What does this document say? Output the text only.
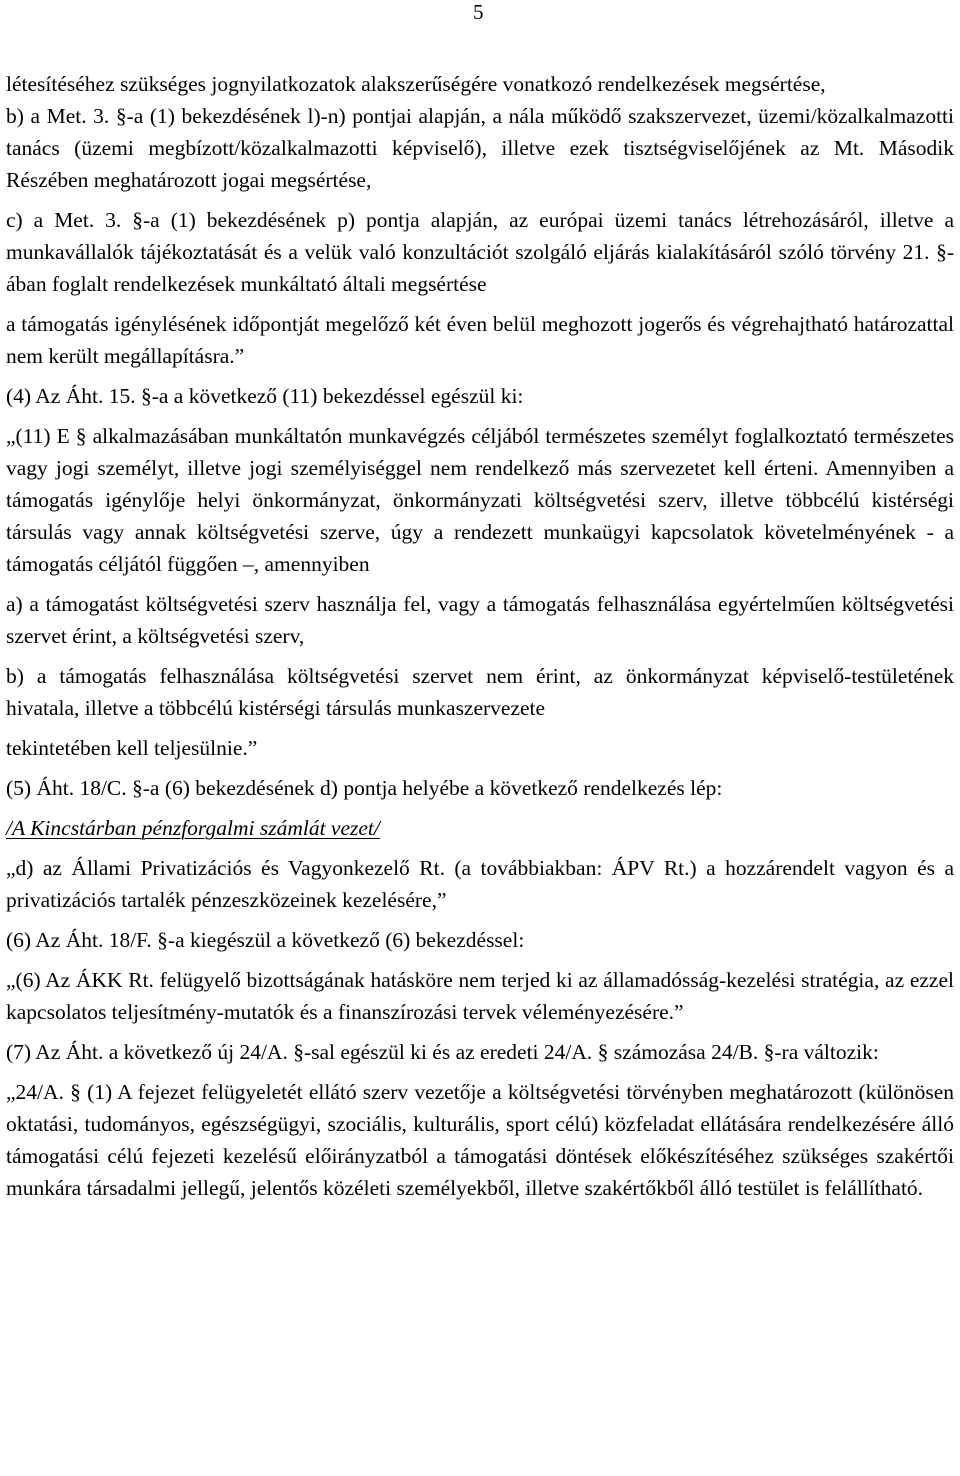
5

létesítéséhez szükséges jognyilatkozatok alakszerűségére vonatkozó rendelkezések megsértése,

b) a Met. 3. §-a (1) bekezdésének l)-n) pontjai alapján, a nála működő szakszervezet, üzemi/közalkalmazotti tanács (üzemi megbízott/közalkalmazotti képviselő), illetve ezek tisztségviselőjének az Mt. Második Részében meghatározott jogai megsértése,

c) a Met. 3. §-a (1) bekezdésének p) pontja alapján, az európai üzemi tanács létrehozásáról, illetve a munkavállalók tájékoztatását és a velük való konzultációt szolgáló eljárás kialakításáról szóló törvény 21. §-ában foglalt rendelkezések munkáltató általi megsértése

a támogatás igénylésének időpontját megelőző két éven belül meghozott jogerős és végrehajtható határozattal nem került megállapításra.”

(4) Az Áht. 15. §-a a következő (11) bekezdéssel egészül ki:

„(11) E § alkalmazásában munkáltatón munkavégzés céljából természetes személyt foglalkoztató természetes vagy jogi személyt, illetve jogi személyiséggel nem rendelkező más szervezetet kell érteni. Amennyiben a támogatás igénylője helyi önkormányzat, önkormányzati költségvetési szerv, illetve többcélú kistérségi társulás vagy annak költségvetési szerve, úgy a rendezett munkaügyi kapcsolatok követelményének - a támogatás céljától függően –, amennyiben

a) a támogatást költségvetési szerv használja fel, vagy a támogatás felhasználása egyértelműen költségvetési szervet érint, a költségvetési szerv,

b) a támogatás felhasználása költségvetési szervet nem érint, az önkormányzat képviselő-testületének hivatala, illetve a többcélú kistérségi társulás munkaszervezete

tekintetében kell teljesülnie.”

(5) Áht. 18/C. §-a (6) bekezdésének d) pontja helyébe a következő rendelkezés lép:

/A Kincstárban pénzforgalmi számlát vezet/

„d) az Állami Privatizációs és Vagyonkezelő Rt. (a továbbiakban: ÁPV Rt.) a hozzárendelt vagyon és a privatizációs tartalék pénzeszközeinek kezelésére,”

(6) Az Áht. 18/F. §-a kiegészül a következő (6) bekezdéssel:

„(6) Az ÁKK Rt. felügyelő bizottságának hatásköre nem terjed ki az államadósság-kezelési stratégia, az ezzel kapcsolatos teljesítmény-mutatók és a finanszírozási tervek véleményezésére.”

(7) Az Áht. a következő új 24/A. §-sal egészül ki és az eredeti 24/A. § számozása 24/B. §-ra változik:

„24/A. § (1) A fejezet felügyeletét ellátó szerv vezetője a költségvetési törvényben meghatározott (különösen oktatási, tudományos, egészségügyi, szociális, kulturális, sport célú) közfeladat ellátására rendelkezésére álló támogatási célú fejezeti kezelésű előirányzatból a támogatási döntések előkészítéséhez szükséges szakértői munkára társadalmi jellegű, jelentős közéleti személyekből, illetve szakértőkből álló testület is felállítható.
